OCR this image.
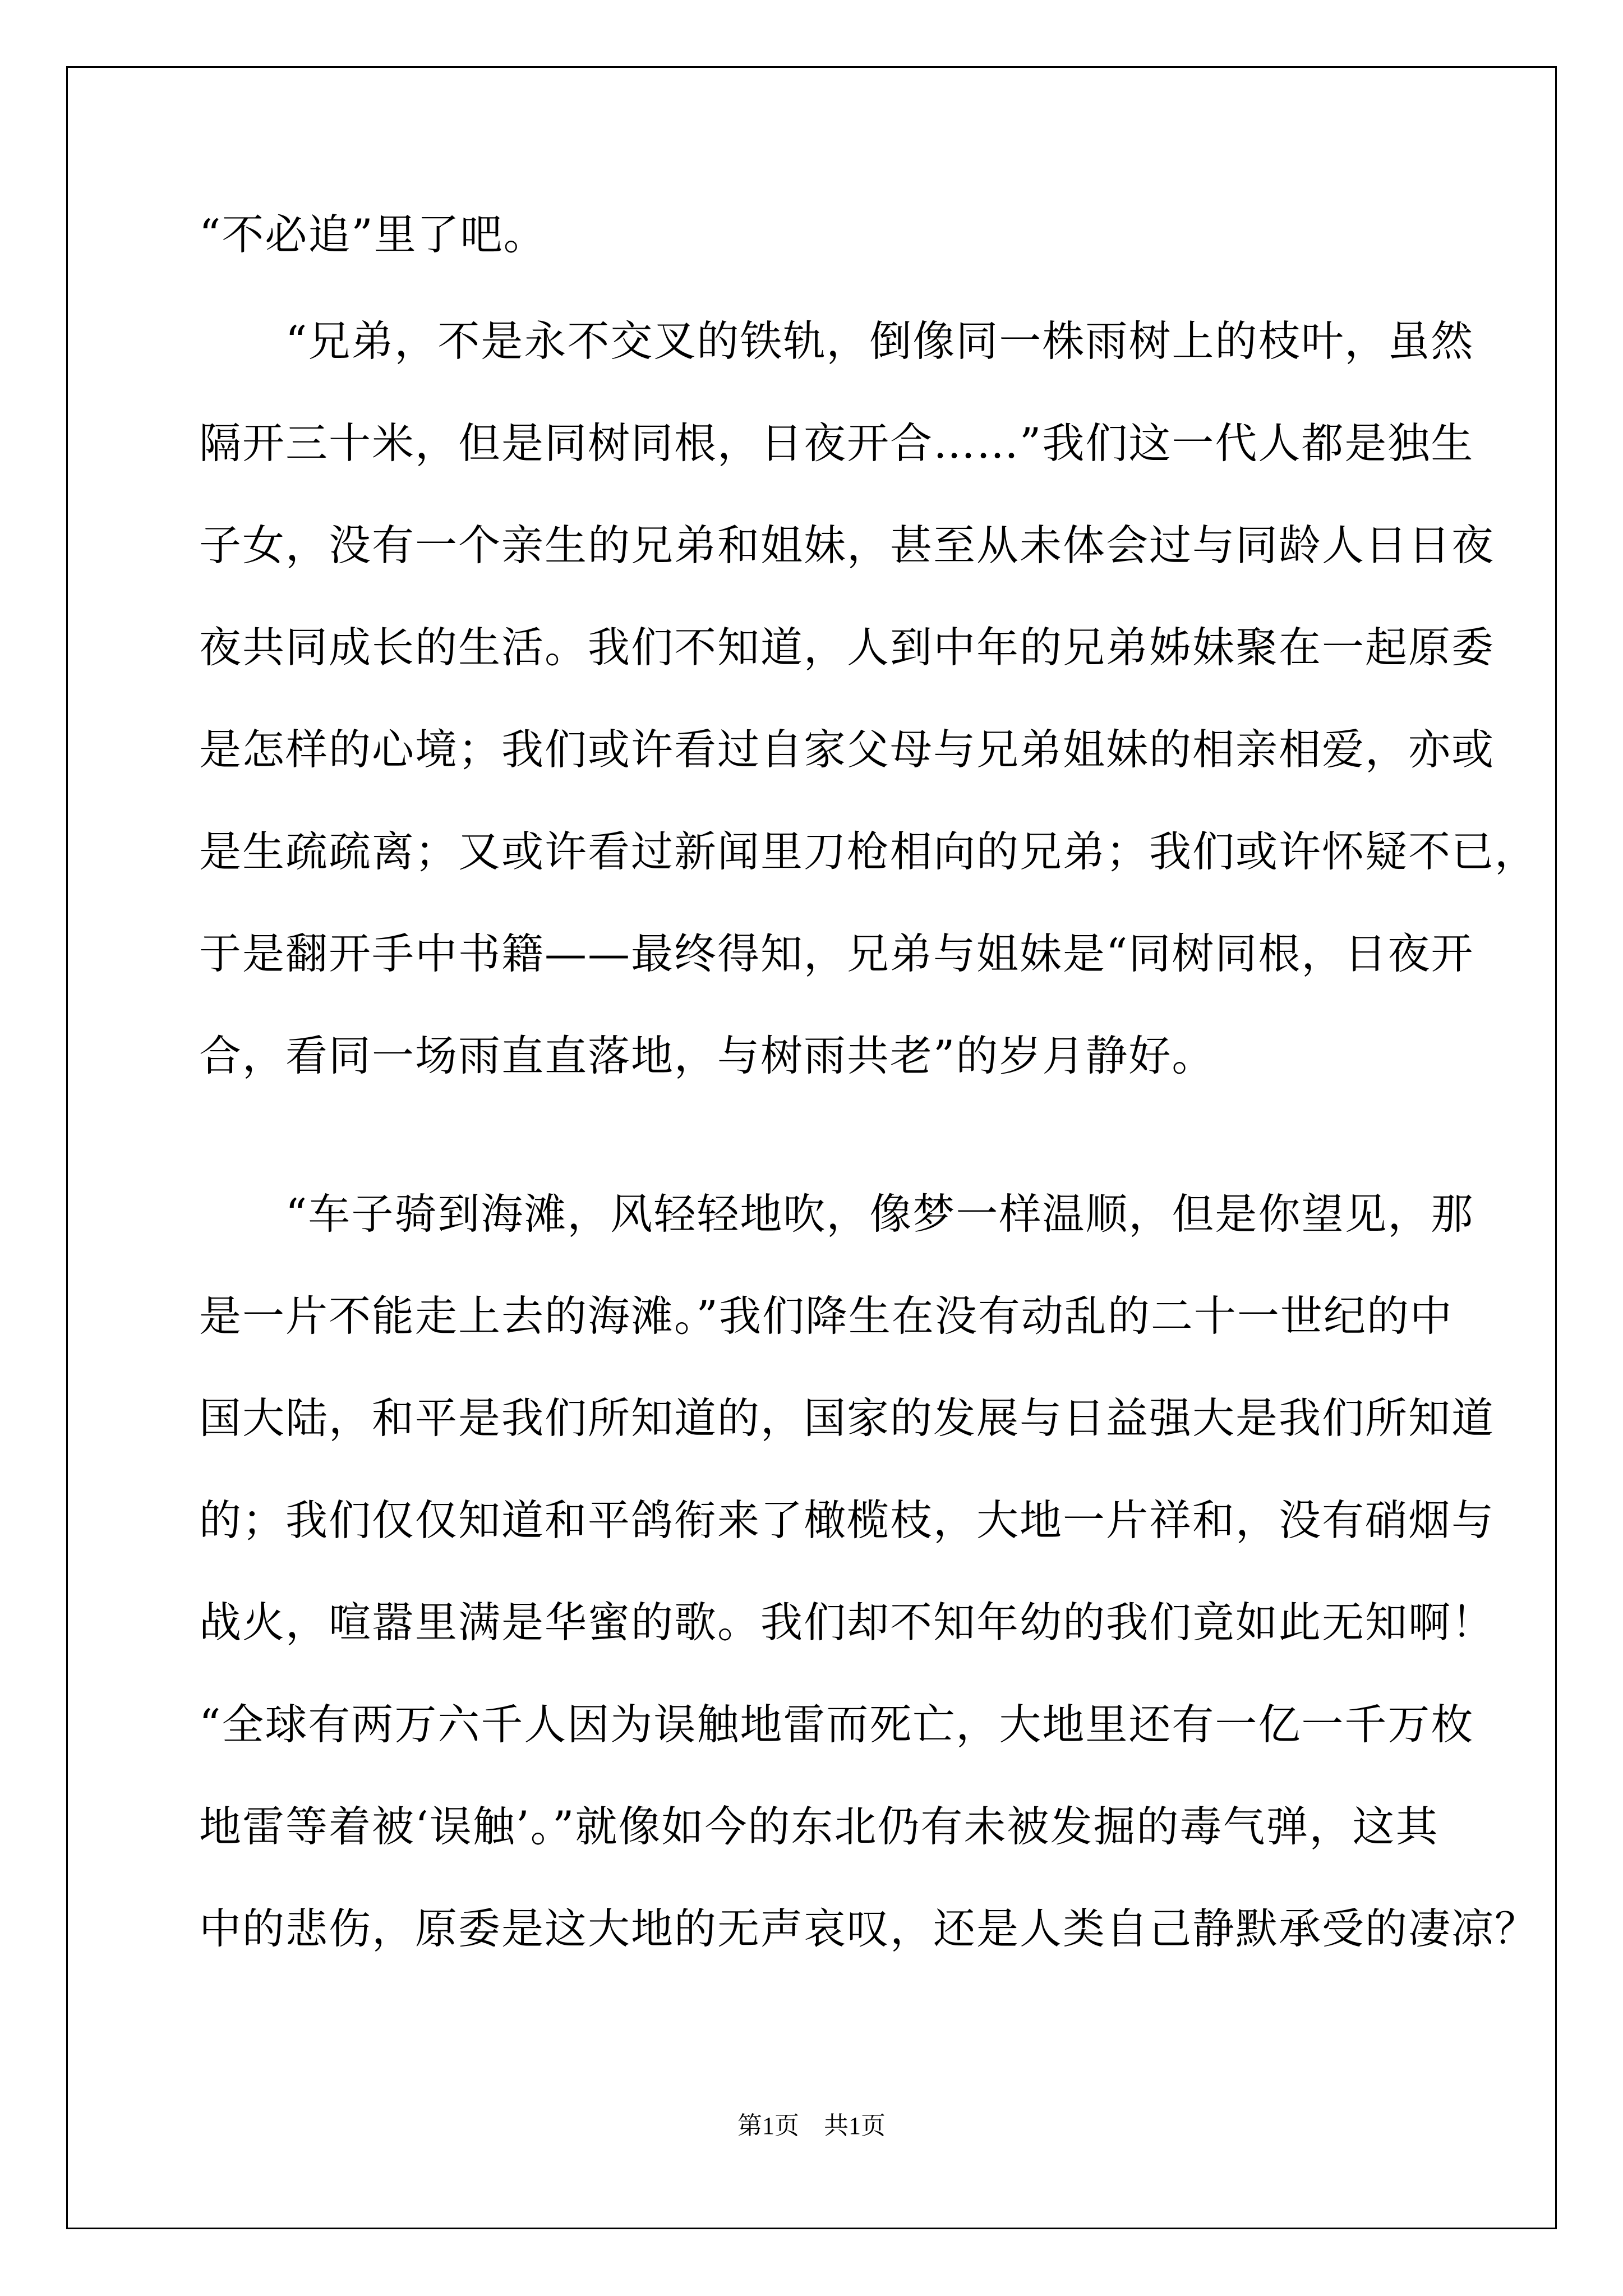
“不必追”里了吧。
　　“兄弟，不是永不交叉的铁轨，倒像同一株雨树上的枝叶，虽然
隔开三十米，但是同树同根，日夜开合……”我们这一代人都是独生
子女，没有一个亲生的兄弟和姐妹，甚至从未体会过与同龄人日日夜
夜共同成长的生活。我们不知道，人到中年的兄弟姊妹聚在一起原委
是怎样的心境；我们或许看过自家父母与兄弟姐妹的相亲相爱，亦或
是生疏疏离；又或许看过新闻里刀枪相向的兄弟；我们或许怀疑不已，
于是翻开手中书籍——最终得知，兄弟与姐妹是“同树同根，日夜开
合，看同一场雨直直落地，与树雨共老”的岁月静好。
　　“车子骑到海滩，风轻轻地吹，像梦一样温顺，但是你望见，那
是一片不能走上去的海滩。”我们降生在没有动乱的二十一世纪的中
国大陆，和平是我们所知道的，国家的发展与日益强大是我们所知道
的；我们仅仅知道和平鸽衔来了橄榄枝，大地一片祥和，没有硝烟与
战火，喧嚣里满是华蜜的歌。我们却不知年幼的我们竟如此无知啊！
“全球有两万六千人因为误触地雷而死亡，大地里还有一亿一千万枚
地雷等着被‘误触’。”就像如今的东北仍有未被发掘的毒气弹，这其
中的悲伤，原委是这大地的无声哀叹，还是人类自己静默承受的凄凉？
第1页　共1页
